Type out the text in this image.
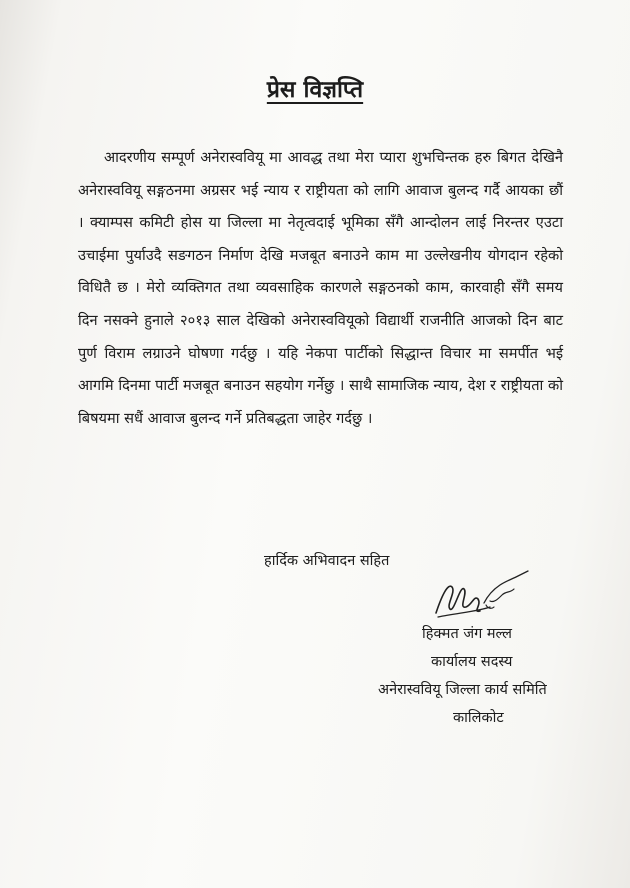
प्रेस विज्ञप्ति
आदरणीय सम्पूर्ण अनेरास्ववियू मा आवद्ध तथा मेरा प्यारा शुभचिन्तक हरु बिगत देखिनै अनेरास्ववियू सङ्गठनमा अग्रसर भई न्याय र राष्ट्रीयता को लागि आवाज बुलन्द गर्दै आयका छौं । क्याम्पस कमिटी होस या जिल्ला मा नेतृत्वदाई भूमिका सँगै आन्दोलन लाई निरन्तर एउटा उचाईमा पुर्याउदै सङगठन निर्माण देखि मजबूत बनाउने काम मा उल्लेखनीय योगदान रहेको विधितै छ । मेरो व्यक्तिगत तथा व्यवसाहिक कारणले सङ्गठनको काम, कारवाही सँगै समय दिन नसक्ने हुनाले २०१३ साल देखिको अनेरास्ववियूको विद्यार्थी राजनीति आजको दिन बाट पुर्ण विराम लग्राउने घोषणा गर्दछु । यहि नेकपा पार्टीको सिद्धान्त विचार मा समर्पीत भई आगमि दिनमा पार्टी मजबूत बनाउन सहयोग गर्नेछु । साथै सामाजिक न्याय, देश र राष्ट्रीयता को बिषयमा सधैं आवाज बुलन्द गर्ने प्रतिबद्धता जाहेर गर्दछु ।
हार्दिक अभिवादन सहित
हिक्मत जंग मल्ल
कार्यालय सदस्य
अनेरास्ववियू जिल्ला कार्य समिति
कालिकोट
